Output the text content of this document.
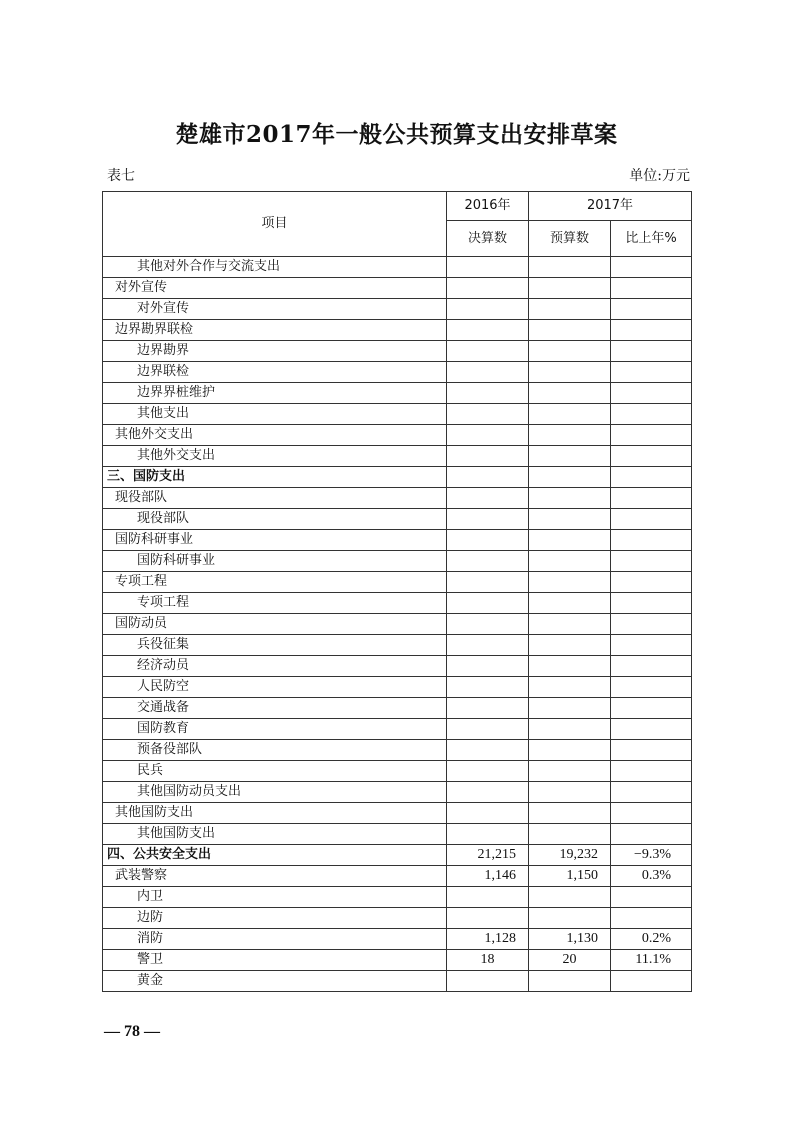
楚雄市2017年一般公共预算支出安排草案
表七	单位:万元
项目	2016年	2017年	
	决算数	预算数	比上年%
其他对外合作与交流支出			
对外宣传			
对外宣传			
边界勘界联检			
边界勘界			
边界联检			
边界界桩维护			
其他支出			
其他外交支出			
其他外交支出			
三、国防支出			
现役部队			
现役部队			
国防科研事业			
国防科研事业			
专项工程			
专项工程			
国防动员			
兵役征集			
经济动员			
人民防空			
交通战备			
国防教育			
预备役部队			
民兵			
其他国防动员支出			
其他国防支出			
其他国防支出			
四、公共安全支出	21,215	19,232	−9.3%
武装警察	1,146	1,150	0.3%
内卫			
边防			
消防	1,128	1,130	0.2%
警卫	18	20	11.1%
黄金			
— 78 —
